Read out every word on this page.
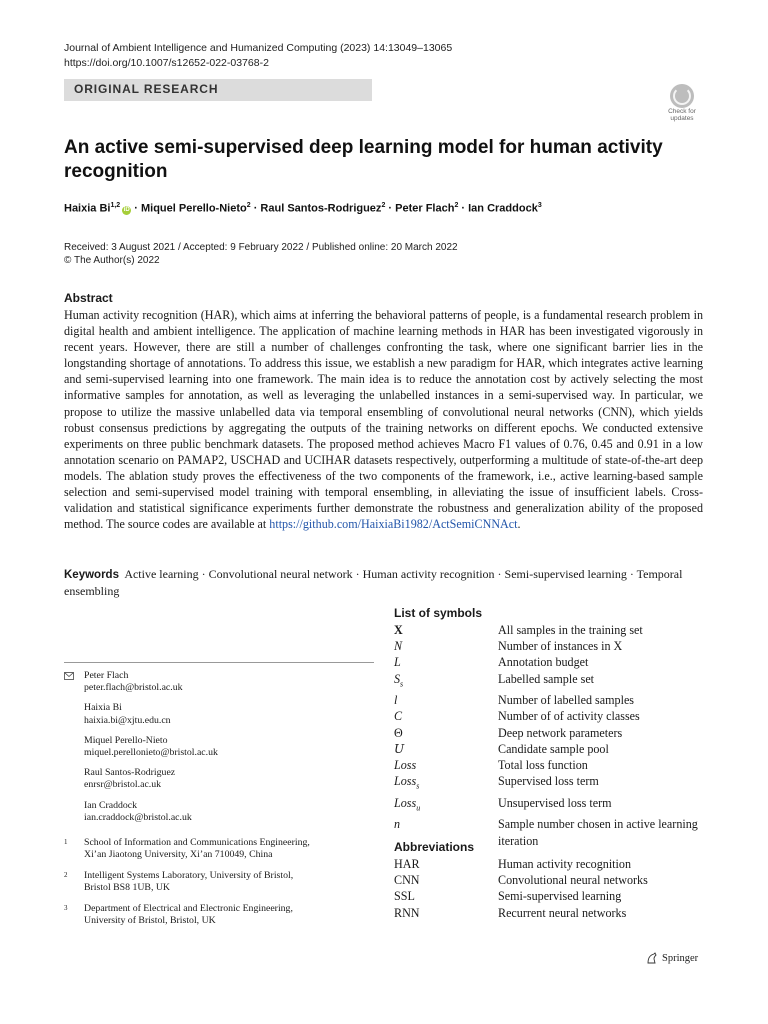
Journal of Ambient Intelligence and Humanized Computing (2023) 14:13049–13065
https://doi.org/10.1007/s12652-022-03768-2
ORIGINAL RESEARCH
Check for
updates
An active semi-supervised deep learning model for human activity recognition
Haixia Bi$^{1,2}$iD · Miquel Perello-Nieto$^2$ · Raul Santos-Rodriguez$^2$ · Peter Flach$^2$ · Ian Craddock$^3$
Received: 3 August 2021 / Accepted: 9 February 2022 / Published online: 20 March 2022
© The Author(s) 2022
Abstract
Human activity recognition (HAR), which aims at inferring the behavioral patterns of people, is a fundamental research problem in digital health and ambient intelligence. The application of machine learning methods in HAR has been investigated vigorously in recent years. However, there are still a number of challenges confronting the task, where one significant barrier lies in the longstanding shortage of annotations. To address this issue, we establish a new paradigm for HAR, which integrates active learning and semi-supervised learning into one framework. The main idea is to reduce the annotation cost by actively selecting the most informative samples for annotation, as well as leveraging the unlabelled instances in a semi-supervised way. In particular, we propose to utilize the massive unlabelled data via temporal ensembling of convolutional neural networks (CNN), which yields robust consensus predictions by aggregating the outputs of the training networks on different epochs. We conducted extensive experiments on three public benchmark datasets. The proposed method achieves Macro F1 values of 0.76, 0.45 and 0.91 in a low annotation scenario on PAMAP2, USCHAD and UCIHAR datasets respectively, outperforming a multitude of state-of-the-art deep models. The ablation study proves the effectiveness of the two components of the framework, i.e., active learning-based sample selection and semi-supervised model training with temporal ensembling, in alleviating the issue of insufficient labels. Cross-validation and statistical significance experiments further demonstrate the robustness and generalization ability of the proposed method. The source codes are available at https://github.com/HaixiaBi1982/ActSemiCNNAct.
Keywords Active learning · Convolutional neural network · Human activity recognition · Semi-supervised learning · Temporal ensembling
List of symbols
X	All samples in the training set
N	Number of instances in X
L	Annotation budget
$S_s$	Labelled sample set
l	Number of labelled samples
C	Number of of activity classes
Θ	Deep network parameters
U	Candidate sample pool
Loss	Total loss function
Loss$_s$	Supervised loss term
Loss$_u$	Unsupervised loss term
n	Sample number chosen in active learning iteration
Abbreviations
HAR	Human activity recognition
CNN	Convolutional neural networks
SSL	Semi-supervised learning
RNN	Recurrent neural networks
Peter Flach
peter.flach@bristol.ac.uk
Haixia Bi
haixia.bi@xjtu.edu.cn
Miquel Perello-Nieto
miquel.perellonieto@bristol.ac.uk
Raul Santos-Rodriguez
enrsr@bristol.ac.uk
Ian Craddock
ian.craddock@bristol.ac.uk
1	School of Information and Communications Engineering,
Xi’an Jiaotong University, Xi’an 710049, China
2	Intelligent Systems Laboratory, University of Bristol,
Bristol BS8 1UB, UK
3	Department of Electrical and Electronic Engineering,
University of Bristol, Bristol, UK
Springer
